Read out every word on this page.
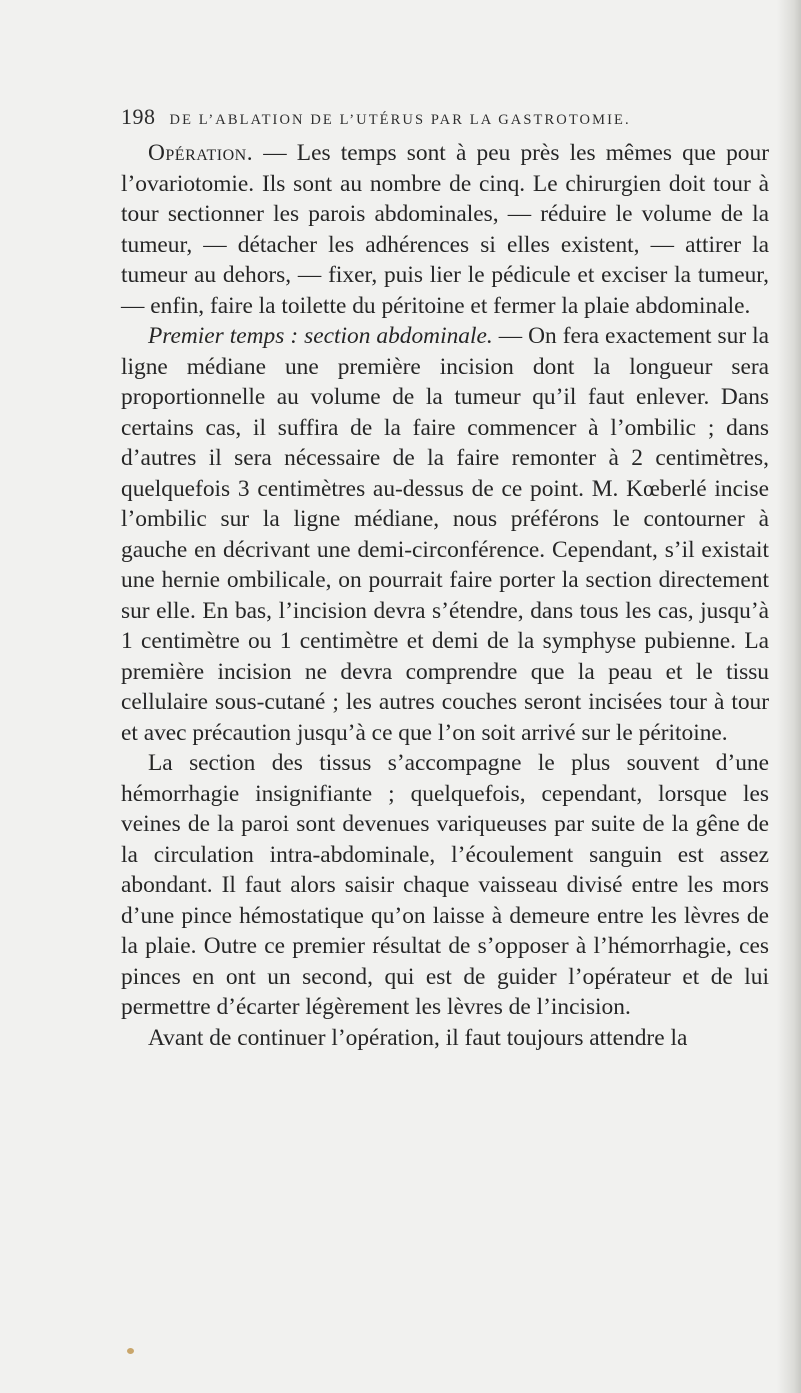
198 DE L’ABLATION DE L’UTÉRUS PAR LA GASTROTOMIE.

Opération. — Les temps sont à peu près les mêmes que pour l’ovariotomie. Ils sont au nombre de cinq. Le chirurgien doit tour à tour sectionner les parois abdominales, — réduire le volume de la tumeur, — détacher les adhérences si elles existent, — attirer la tumeur au dehors, — fixer, puis lier le pédicule et exciser la tumeur, — enfin, faire la toilette du péritoine et fermer la plaie abdominale.

Premier temps : section abdominale. — On fera exactement sur la ligne médiane une première incision dont la longueur sera proportionnelle au volume de la tumeur qu’il faut enlever. Dans certains cas, il suffira de la faire commencer à l’ombilic ; dans d’autres il sera nécessaire de la faire remonter à 2 centimètres, quelquefois 3 centimètres au-dessus de ce point. M. Kœberlé incise l’ombilic sur la ligne médiane, nous préférons le contourner à gauche en décrivant une demi-circonférence. Cependant, s’il existait une hernie ombilicale, on pourrait faire porter la section directement sur elle. En bas, l’incision devra s’étendre, dans tous les cas, jusqu’à 1 centimètre ou 1 centimètre et demi de la symphyse pubienne. La première incision ne devra comprendre que la peau et le tissu cellulaire sous-cutané ; les autres couches seront incisées tour à tour et avec précaution jusqu’à ce que l’on soit arrivé sur le péritoine.

La section des tissus s’accompagne le plus souvent d’une hémorrhagie insignifiante ; quelquefois, cependant, lorsque les veines de la paroi sont devenues variqueuses par suite de la gêne de la circulation intra-abdominale, l’écoulement sanguin est assez abondant. Il faut alors saisir chaque vaisseau divisé entre les mors d’une pince hémostatique qu’on laisse à demeure entre les lèvres de la plaie. Outre ce premier résultat de s’opposer à l’hémorrhagie, ces pinces en ont un second, qui est de guider l’opérateur et de lui permettre d’écarter légèrement les lèvres de l’incision.

Avant de continuer l’opération, il faut toujours attendre la
